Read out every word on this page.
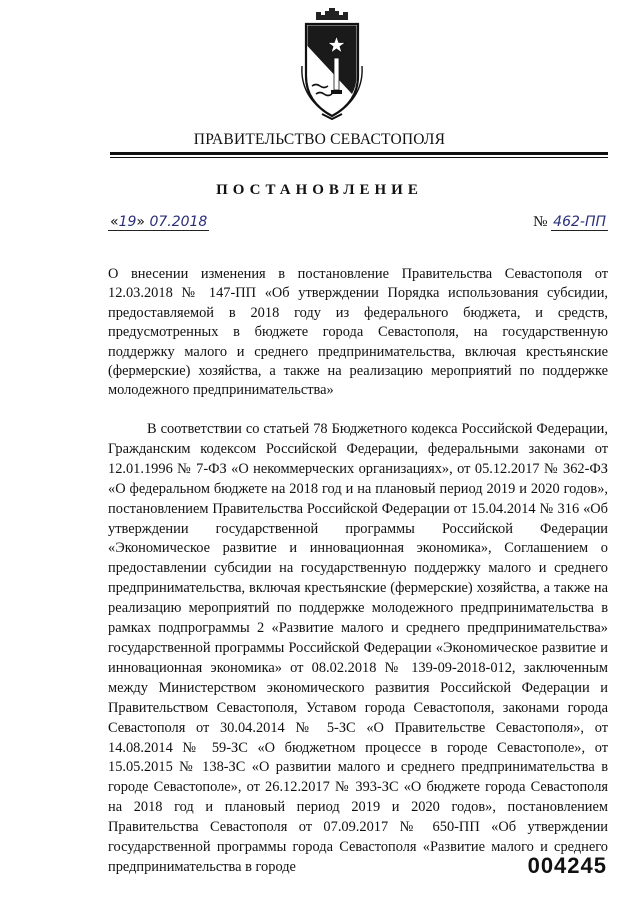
ПРАВИТЕЛЬСТВО СЕВАСТОПОЛЯ
ПОСТАНОВЛЕНИЕ
«19» 07.2018	№ 462-ПП
О внесении изменения в постановление Правительства Севастополя от 12.03.2018 № 147-ПП «Об утверждении Порядка использования субсидии, предоставляемой в 2018 году из федерального бюджета, и средств, предусмотренных в бюджете города Севастополя, на государственную поддержку малого и среднего предпринимательства, включая крестьянские (фермерские) хозяйства, а также на реализацию мероприятий по поддержке молодежного предпринимательства»
В соответствии со статьей 78 Бюджетного кодекса Российской Федерации, Гражданским кодексом Российской Федерации, федеральными законами от 12.01.1996 № 7-ФЗ «О некоммерческих организациях», от 05.12.2017 № 362-ФЗ «О федеральном бюджете на 2018 год и на плановый период 2019 и 2020 годов», постановлением Правительства Российской Федерации от 15.04.2014 № 316 «Об утверждении государственной программы Российской Федерации «Экономическое развитие и инновационная экономика», Соглашением о предоставлении субсидии на государственную поддержку малого и среднего предпринимательства, включая крестьянские (фермерские) хозяйства, а также на реализацию мероприятий по поддержке молодежного предпринимательства в рамках подпрограммы 2 «Развитие малого и среднего предпринимательства» государственной программы Российской Федерации «Экономическое развитие и инновационная экономика» от 08.02.2018 № 139-09-2018-012, заключенным между Министерством экономического развития Российской Федерации и Правительством Севастополя, Уставом города Севастополя, законами города Севастополя от 30.04.2014 № 5-ЗС «О Правительстве Севастополя», от 14.08.2014 № 59-ЗС «О бюджетном процессе в городе Севастополе», от 15.05.2015 № 138-ЗС «О развитии малого и среднего предпринимательства в городе Севастополе», от 26.12.2017 № 393-ЗС «О бюджете города Севастополя на 2018 год и плановый период 2019 и 2020 годов», постановлением Правительства Севастополя от 07.09.2017 № 650-ПП «Об утверждении государственной программы города Севастополя «Развитие малого и среднего предпринимательства в городе	004245
